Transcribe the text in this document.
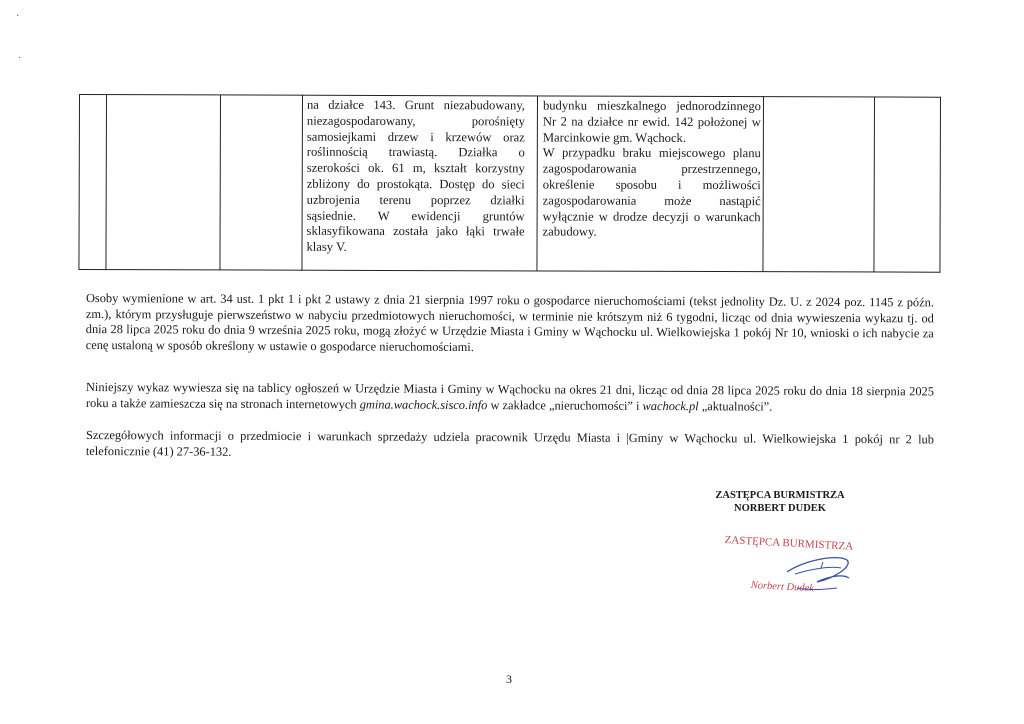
·
·

na działce 143. Grunt niezabudowany, niezagospodarowany, porośnięty samosiejkami drzew i krzewów oraz roślinnością trawiastą. Działka o szerokości ok. 61 m, kształt korzystny zbliżony do prostokąta. Dostęp do sieci uzbrojenia terenu poprzez działki sąsiednie. W ewidencji gruntów sklasyfikowana została jako łąki trwałe klasy V.

budynku mieszkalnego jednorodzinnego Nr 2 na działce nr ewid. 142 położonej w Marcinkowie gm. Wąchock.

W przypadku braku miejscowego planu zagospodarowania przestrzennego, określenie sposobu i możliwości zagospodarowania może nastąpić wyłącznie w drodze decyzji o warunkach zabudowy.

Osoby wymienione w art. 34 ust. 1 pkt 1 i pkt 2 ustawy z dnia 21 sierpnia 1997 roku o gospodarce nieruchomościami (tekst jednolity Dz. U. z 2024 poz. 1145 z późn. zm.), którym przysługuje pierwszeństwo w nabyciu przedmiotowych nieruchomości, w terminie nie krótszym niż 6 tygodni, licząc od dnia wywieszenia wykazu tj. od dnia 28 lipca 2025 roku do dnia 9 września 2025 roku, mogą złożyć w Urzędzie Miasta i Gminy w Wąchocku ul. Wielkowiejska 1 pokój Nr 10, wnioski o ich nabycie za cenę ustaloną w sposób określony w ustawie o gospodarce nieruchomościami.
Niniejszy wykaz wywiesza się na tablicy ogłoszeń w Urzędzie Miasta i Gminy w Wąchocku na okres 21 dni, licząc od dnia 28 lipca 2025 roku do dnia 18 sierpnia 2025 roku a także zamieszcza się na stronach internetowych gmina.wachock.sisco.info w zakładce „nieruchomości” i wachock.pl „aktualności”.
Szczegółowych informacji o przedmiocie i warunkach sprzedaży udziela pracownik Urzędu Miasta i |Gminy w Wąchocku ul. Wielkowiejska 1 pokój nr 2 lub telefonicznie (41) 27-36-132.
ZASTĘPCA BURMISTRZA
NORBERT DUDEK
ZASTĘPCA BURMISTRZA
Norbert Dudek
3
